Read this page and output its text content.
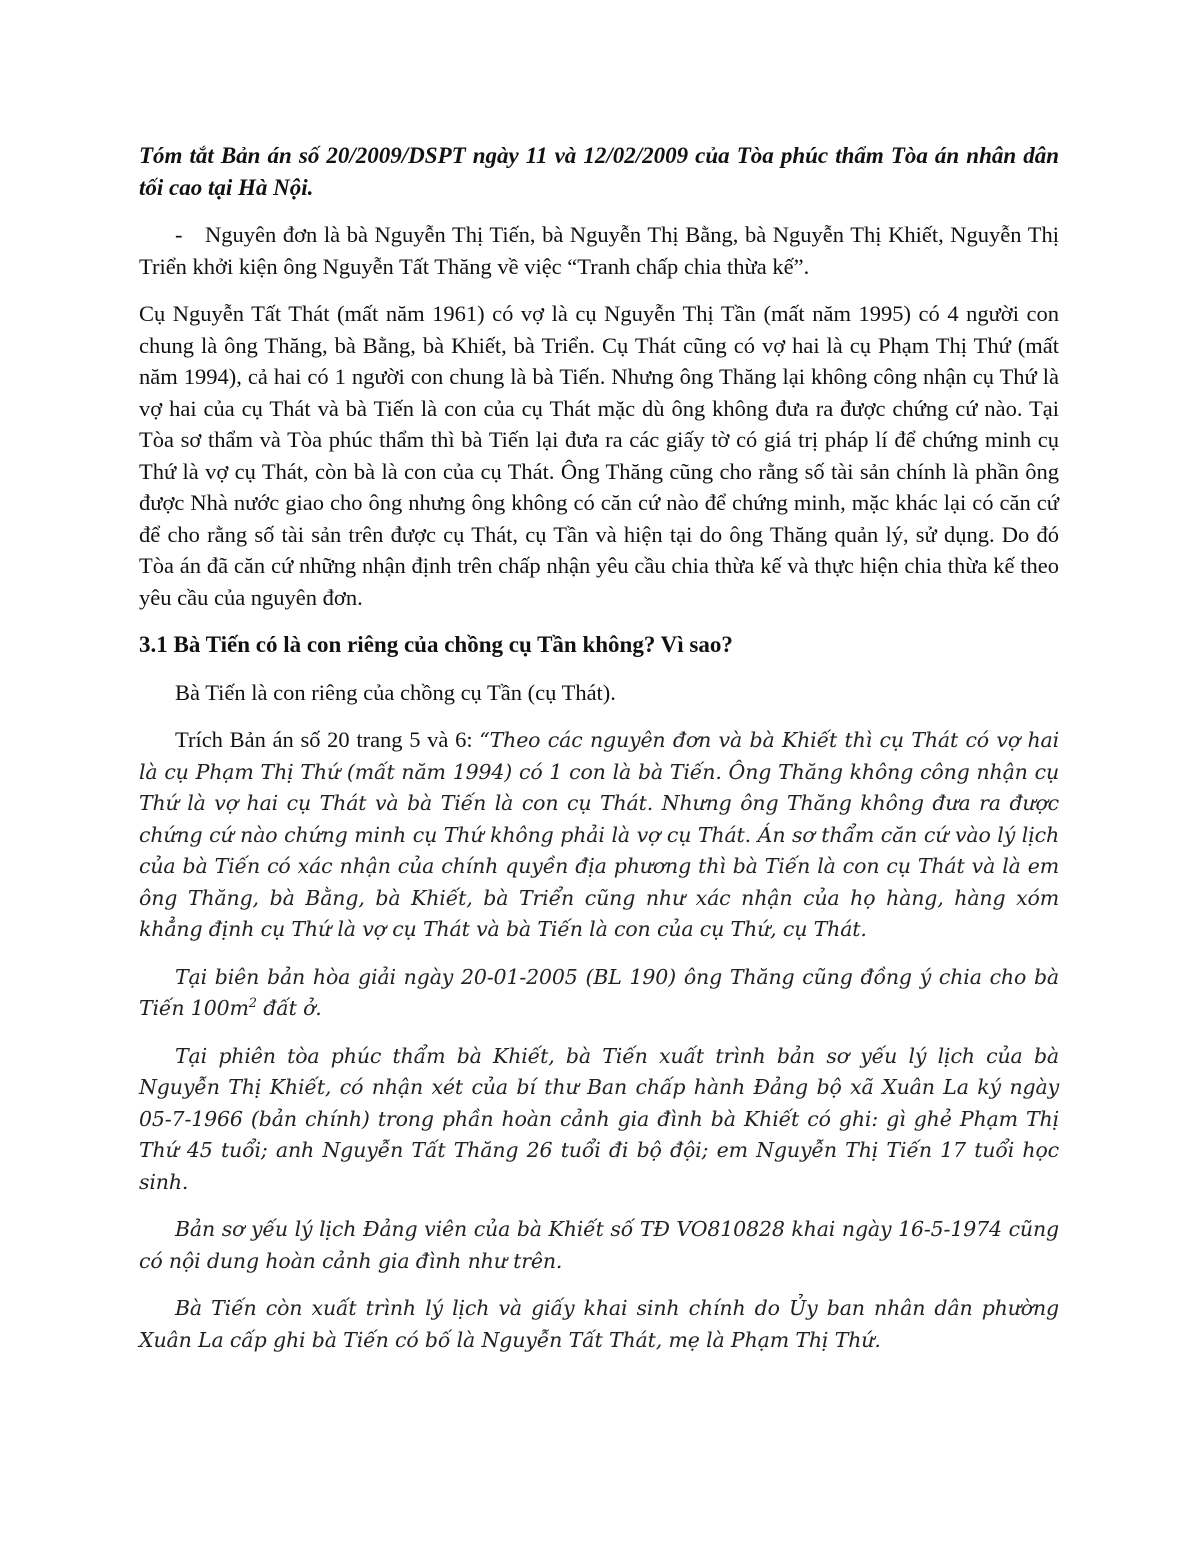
Tóm tắt Bản án số 20/2009/DSPT ngày 11 và 12/02/2009 của Tòa phúc thẩm Tòa án nhân dân tối cao tại Hà Nội.

- Nguyên đơn là bà Nguyễn Thị Tiến, bà Nguyễn Thị Bằng, bà Nguyễn Thị Khiết, Nguyễn Thị Triển khởi kiện ông Nguyễn Tất Thăng về việc “Tranh chấp chia thừa kế”.

Cụ Nguyễn Tất Thát (mất năm 1961) có vợ là cụ Nguyễn Thị Tần (mất năm 1995) có 4 người con chung là ông Thăng, bà Bằng, bà Khiết, bà Triển. Cụ Thát cũng có vợ hai là cụ Phạm Thị Thứ (mất năm 1994), cả hai có 1 người con chung là bà Tiến. Nhưng ông Thăng lại không công nhận cụ Thứ là vợ hai của cụ Thát và bà Tiến là con của cụ Thát mặc dù ông không đưa ra được chứng cứ nào. Tại Tòa sơ thẩm và Tòa phúc thẩm thì bà Tiến lại đưa ra các giấy tờ có giá trị pháp lí để chứng minh cụ Thứ là vợ cụ Thát, còn bà là con của cụ Thát. Ông Thăng cũng cho rằng số tài sản chính là phần ông được Nhà nước giao cho ông nhưng ông không có căn cứ nào để chứng minh, mặc khác lại có căn cứ để cho rằng số tài sản trên được cụ Thát, cụ Tần và hiện tại do ông Thăng quản lý, sử dụng. Do đó Tòa án đã căn cứ những nhận định trên chấp nhận yêu cầu chia thừa kế và thực hiện chia thừa kế theo yêu cầu của nguyên đơn.

3.1 Bà Tiến có là con riêng của chồng cụ Tần không? Vì sao?

Bà Tiến là con riêng của chồng cụ Tần (cụ Thát).

Trích Bản án số 20 trang 5 và 6: “Theo các nguyên đơn và bà Khiết thì cụ Thát có vợ hai là cụ Phạm Thị Thứ (mất năm 1994) có 1 con là bà Tiến. Ông Thăng không công nhận cụ Thứ là vợ hai cụ Thát và bà Tiến là con cụ Thát. Nhưng ông Thăng không đưa ra được chứng cứ nào chứng minh cụ Thứ không phải là vợ cụ Thát. Án sơ thẩm căn cứ vào lý lịch của bà Tiến có xác nhận của chính quyền địa phương thì bà Tiến là con cụ Thát và là em ông Thăng, bà Bằng, bà Khiết, bà Triển cũng như xác nhận của họ hàng, hàng xóm khẳng định cụ Thứ là vợ cụ Thát và bà Tiến là con của cụ Thứ, cụ Thát.

Tại biên bản hòa giải ngày 20-01-2005 (BL 190) ông Thăng cũng đồng ý chia cho bà Tiến $100m^2$ đất ở.

Tại phiên tòa phúc thẩm bà Khiết, bà Tiến xuất trình bản sơ yếu lý lịch của bà Nguyễn Thị Khiết, có nhận xét của bí thư Ban chấp hành Đảng bộ xã Xuân La ký ngày 05-7-1966 (bản chính) trong phần hoàn cảnh gia đình bà Khiết có ghi: gì ghẻ Phạm Thị Thứ 45 tuổi; anh Nguyễn Tất Thăng 26 tuổi đi bộ đội; em Nguyễn Thị Tiến 17 tuổi học sinh.

Bản sơ yếu lý lịch Đảng viên của bà Khiết số TĐ VO810828 khai ngày 16-5-1974 cũng có nội dung hoàn cảnh gia đình như trên.

Bà Tiến còn xuất trình lý lịch và giấy khai sinh chính do Ủy ban nhân dân phường Xuân La cấp ghi bà Tiến có bố là Nguyễn Tất Thát, mẹ là Phạm Thị Thứ.
